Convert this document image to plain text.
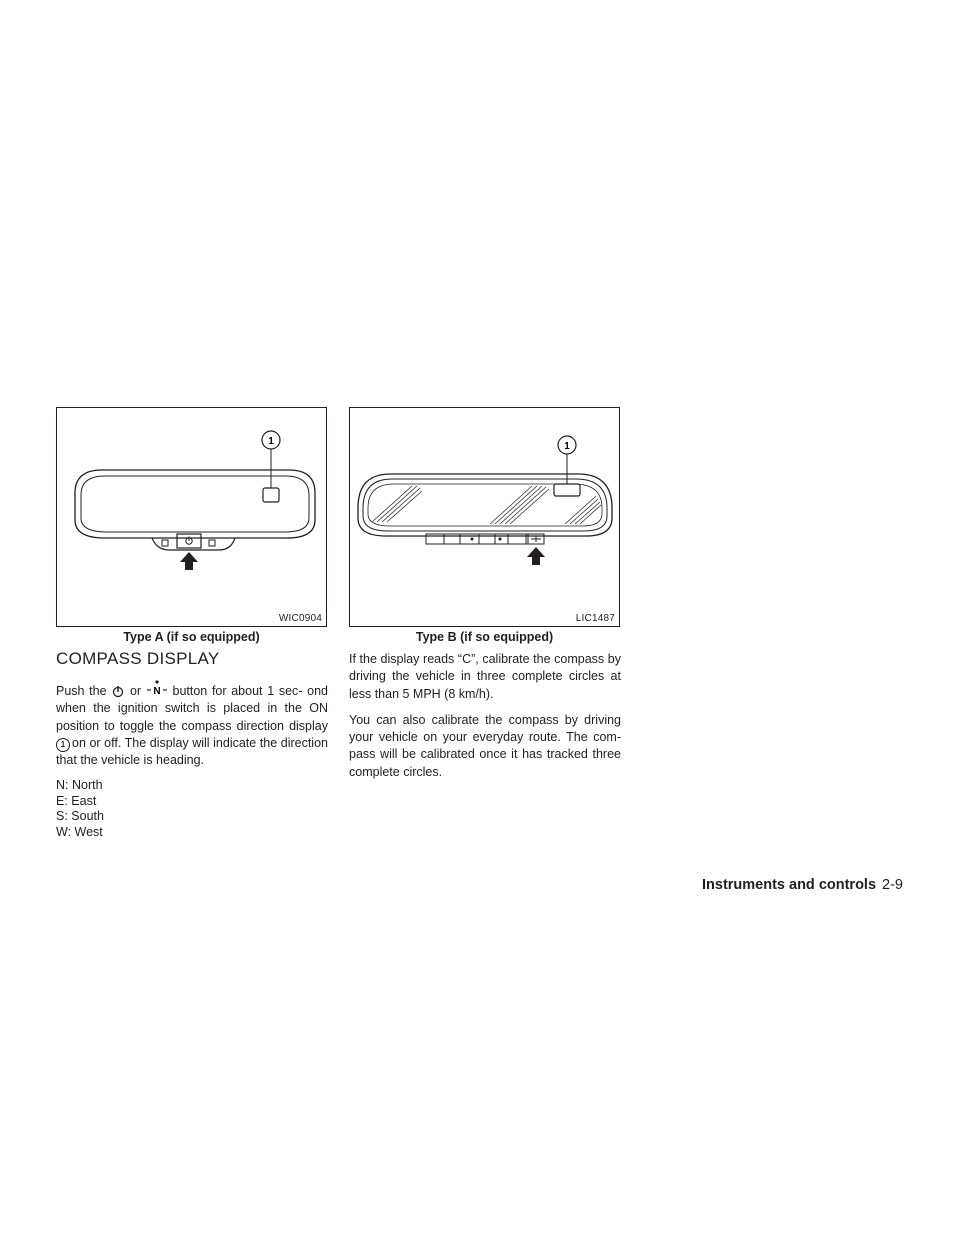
1
WIC0904
Type A (if so equipped)
1
LIC1487
Type B (if so equipped)
COMPASS DISPLAY

Push the or N button for about 1 sec- ond when the ignition switch is placed in the ON position to toggle the compass direction display 1 on or off. The display will indicate the direction that the vehicle is heading.

N: North
E: East
S: South
W: West

If the display reads “C”, calibrate the compass by driving the vehicle in three complete circles at less than 5 MPH (8 km/h).

You can also calibrate the compass by driving your vehicle on your everyday route. The com- pass will be calibrated once it has tracked three complete circles.

Instruments and controls 2-9
